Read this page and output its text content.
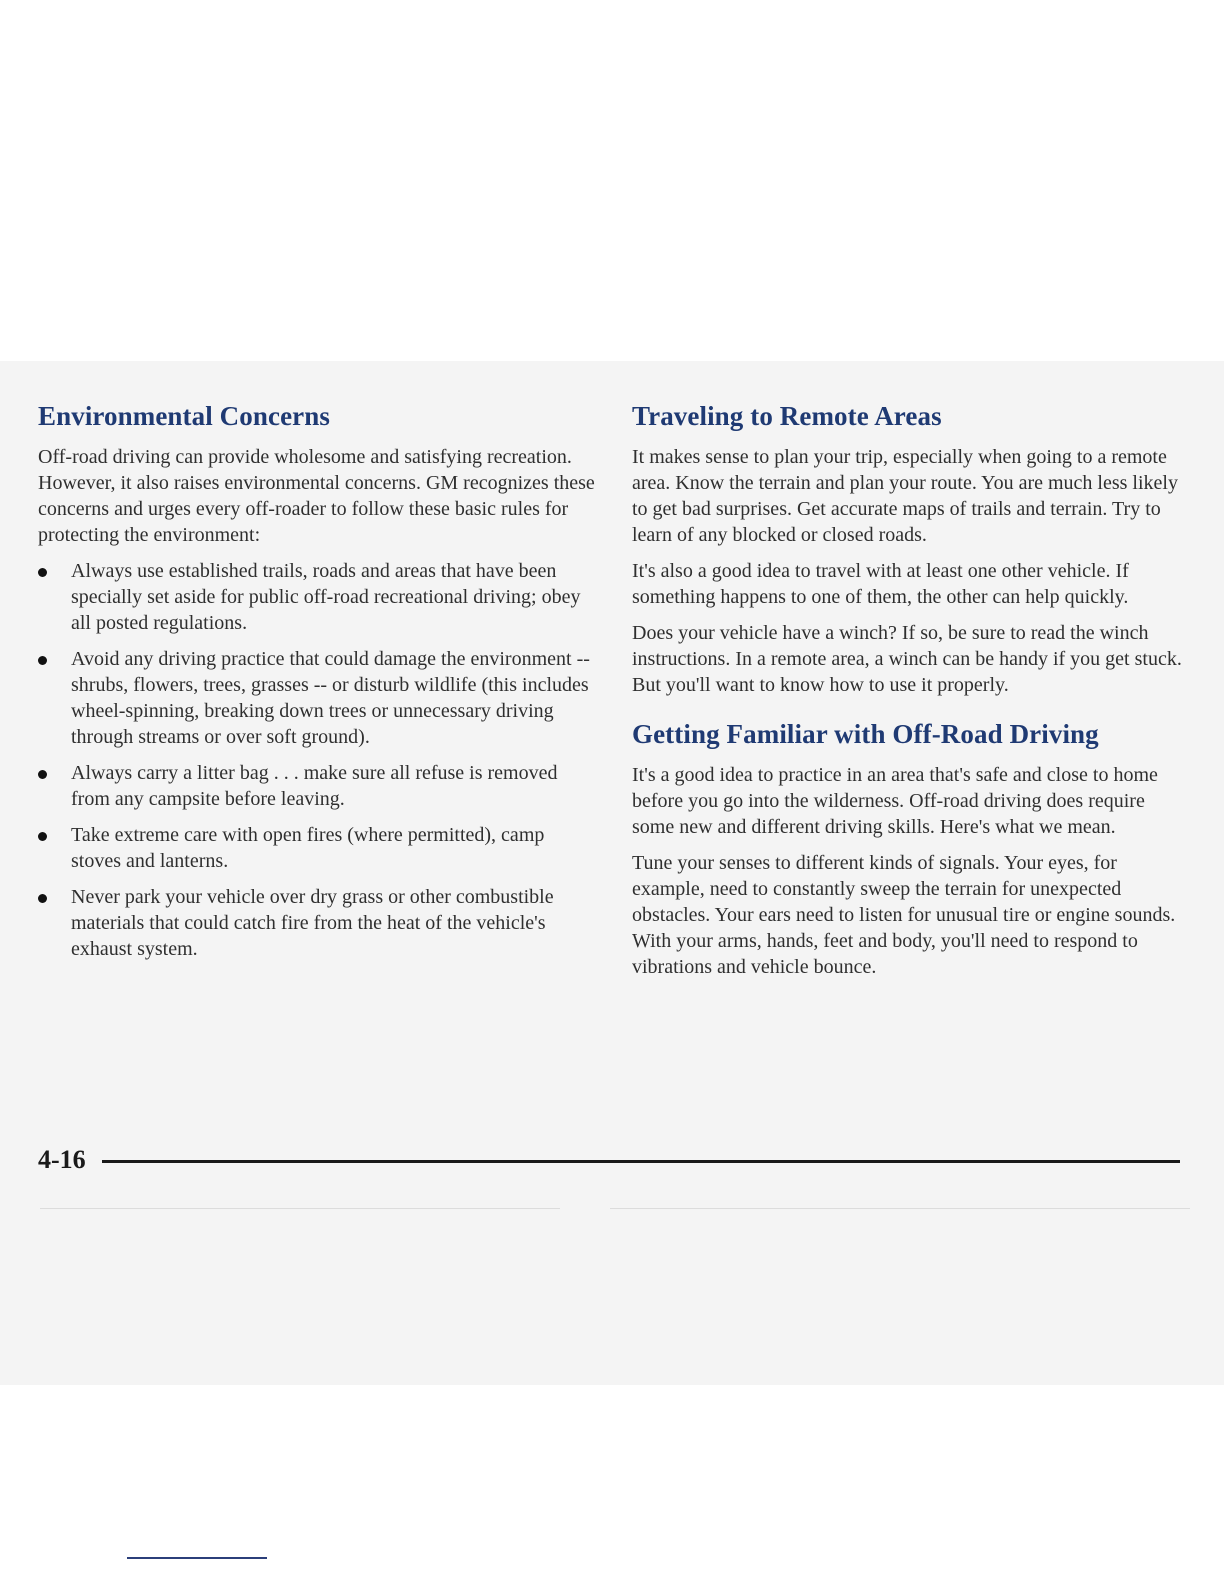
Environmental Concerns

Off-road driving can provide wholesome and satisfying recreation. However, it also raises environmental concerns. GM recognizes these concerns and urges every off-roader to follow these basic rules for protecting the environment:

Always use established trails, roads and areas that have been specially set aside for public off-road recreational driving; obey all posted regulations.
Avoid any driving practice that could damage the environment -- shrubs, flowers, trees, grasses -- or disturb wildlife (this includes wheel-spinning, breaking down trees or unnecessary driving through streams or over soft ground).
Always carry a litter bag . . . make sure all refuse is removed from any campsite before leaving.
Take extreme care with open fires (where permitted), camp stoves and lanterns.
Never park your vehicle over dry grass or other combustible materials that could catch fire from the heat of the vehicle's exhaust system.
Traveling to Remote Areas

It makes sense to plan your trip, especially when going to a remote area. Know the terrain and plan your route. You are much less likely to get bad surprises. Get accurate maps of trails and terrain. Try to learn of any blocked or closed roads.

It's also a good idea to travel with at least one other vehicle. If something happens to one of them, the other can help quickly.

Does your vehicle have a winch? If so, be sure to read the winch instructions. In a remote area, a winch can be handy if you get stuck. But you'll want to know how to use it properly.

Getting Familiar with Off-Road Driving

It's a good idea to practice in an area that's safe and close to home before you go into the wilderness. Off-road driving does require some new and different driving skills. Here's what we mean.

Tune your senses to different kinds of signals. Your eyes, for example, need to constantly sweep the terrain for unexpected obstacles. Your ears need to listen for unusual tire or engine sounds. With your arms, hands, feet and body, you'll need to respond to vibrations and vehicle bounce.

4-16
